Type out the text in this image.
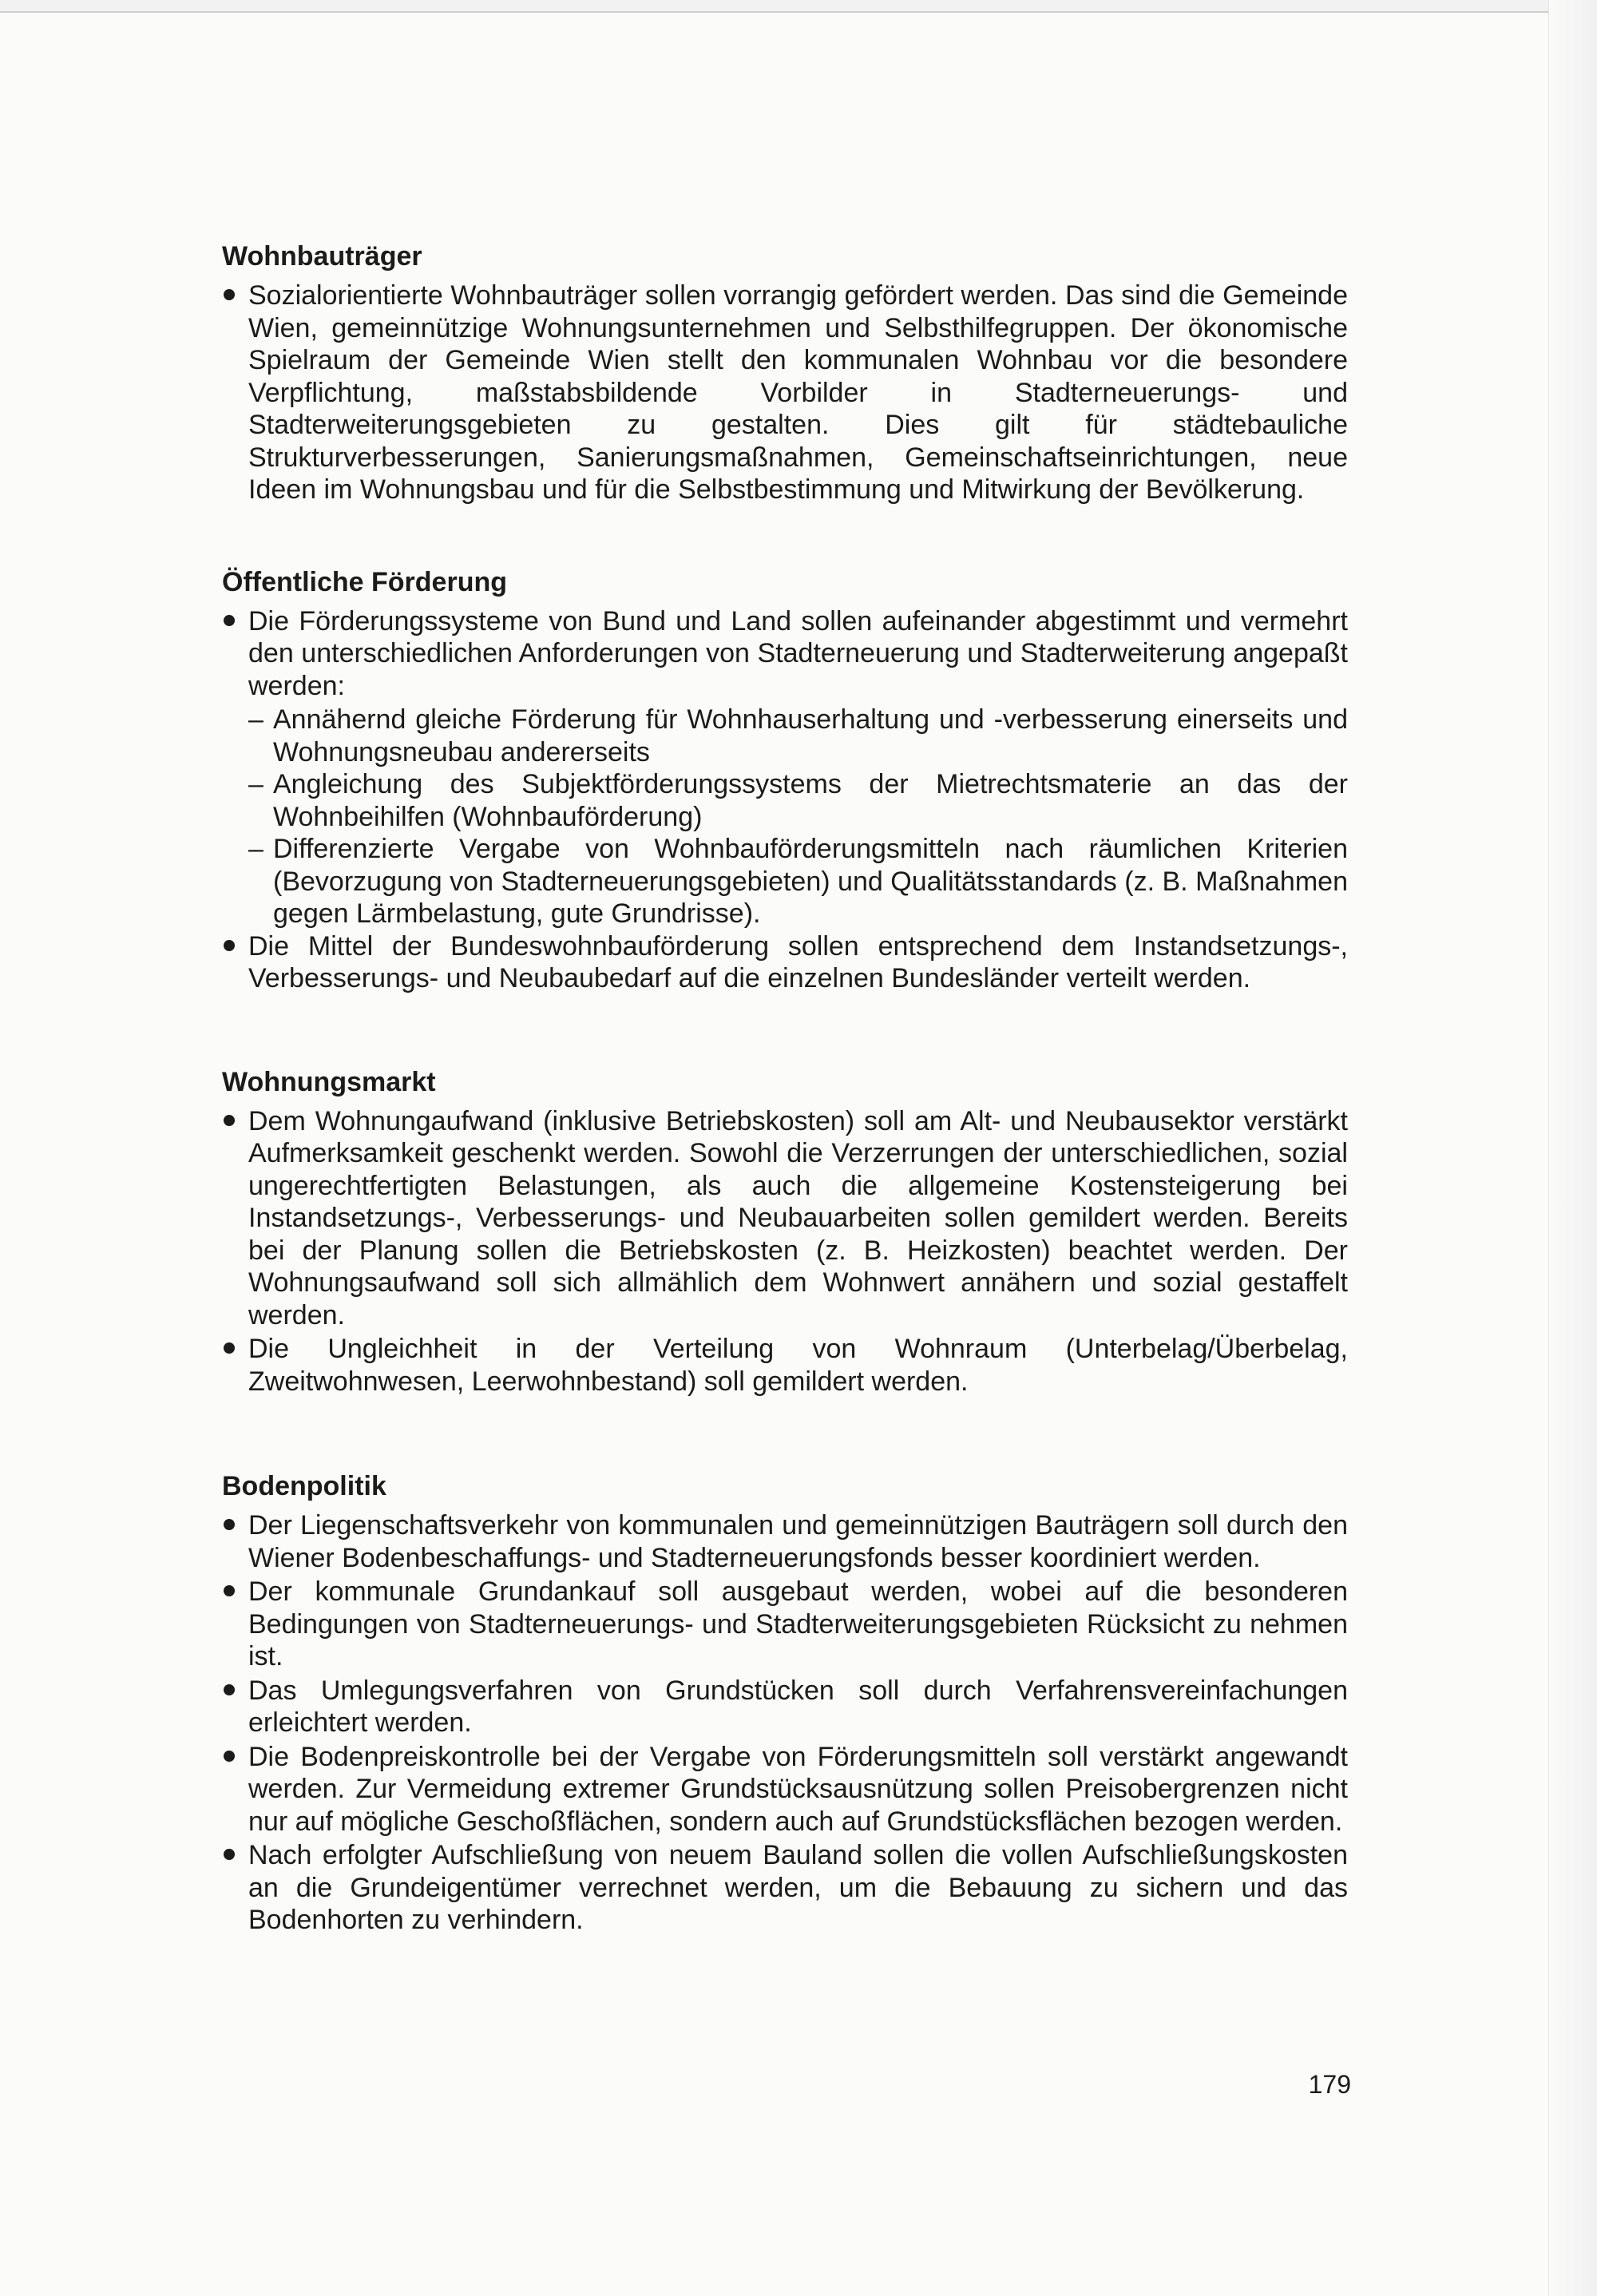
Wohnbauträger
Sozialorientierte Wohnbauträger sollen vorrangig gefördert werden. Das sind die Gemeinde Wien, gemeinnützige Wohnungsunternehmen und Selbsthilfegruppen. Der ökonomische Spielraum der Gemeinde Wien stellt den kommunalen Wohnbau vor die besondere Verpflichtung, maßstabsbildende Vorbilder in Stadterneuerungs- und Stadterweiterungsgebieten zu gestalten. Dies gilt für städtebauliche Strukturverbesserungen, Sanierungsmaßnahmen, Gemeinschaftseinrichtungen, neue Ideen im Wohnungsbau und für die Selbstbestimmung und Mitwirkung der Bevölkerung.
Öffentliche Förderung
Die Förderungssysteme von Bund und Land sollen aufeinander abgestimmt und vermehrt den unterschiedlichen Anforderungen von Stadterneuerung und Stadterweiterung angepaßt werden:
– Annähernd gleiche Förderung für Wohnhauserhaltung und -verbesserung einerseits und Wohnungsneubau andererseits
– Angleichung des Subjektförderungssystems der Mietrechtsmaterie an das der Wohnbeihilfen (Wohnbauförderung)
– Differenzierte Vergabe von Wohnbauförderungsmitteln nach räumlichen Kriterien (Bevorzugung von Stadterneuerungsgebieten) und Qualitätsstandards (z. B. Maßnahmen gegen Lärmbelastung, gute Grundrisse).
Die Mittel der Bundeswohnbauförderung sollen entsprechend dem Instandsetzungs-, Verbesserungs- und Neubaubedarf auf die einzelnen Bundesländer verteilt werden.
Wohnungsmarkt
Dem Wohnungaufwand (inklusive Betriebskosten) soll am Alt- und Neubausektor verstärkt Aufmerksamkeit geschenkt werden. Sowohl die Verzerrungen der unterschiedlichen, sozial ungerechtfertigten Belastungen, als auch die allgemeine Kostensteigerung bei Instandsetzungs-, Verbesserungs- und Neubauarbeiten sollen gemildert werden. Bereits bei der Planung sollen die Betriebskosten (z. B. Heizkosten) beachtet werden. Der Wohnungsaufwand soll sich allmählich dem Wohnwert annähern und sozial gestaffelt werden.
Die Ungleichheit in der Verteilung von Wohnraum (Unterbelag/Überbelag, Zweitwohnwesen, Leerwohnbestand) soll gemildert werden.
Bodenpolitik
Der Liegenschaftsverkehr von kommunalen und gemeinnützigen Bauträgern soll durch den Wiener Bodenbeschaffungs- und Stadterneuerungsfonds besser koordiniert werden.
Der kommunale Grundankauf soll ausgebaut werden, wobei auf die besonderen Bedingungen von Stadterneuerungs- und Stadterweiterungsgebieten Rücksicht zu nehmen ist.
Das Umlegungsverfahren von Grundstücken soll durch Verfahrensvereinfachungen erleichtert werden.
Die Bodenpreiskontrolle bei der Vergabe von Förderungsmitteln soll verstärkt angewandt werden. Zur Vermeidung extremer Grundstücksausnützung sollen Preisobergrenzen nicht nur auf mögliche Geschoßflächen, sondern auch auf Grundstücksflächen bezogen werden.
Nach erfolgter Aufschließung von neuem Bauland sollen die vollen Aufschließungskosten an die Grundeigentümer verrechnet werden, um die Bebauung zu sichern und das Bodenhorten zu verhindern.
179
